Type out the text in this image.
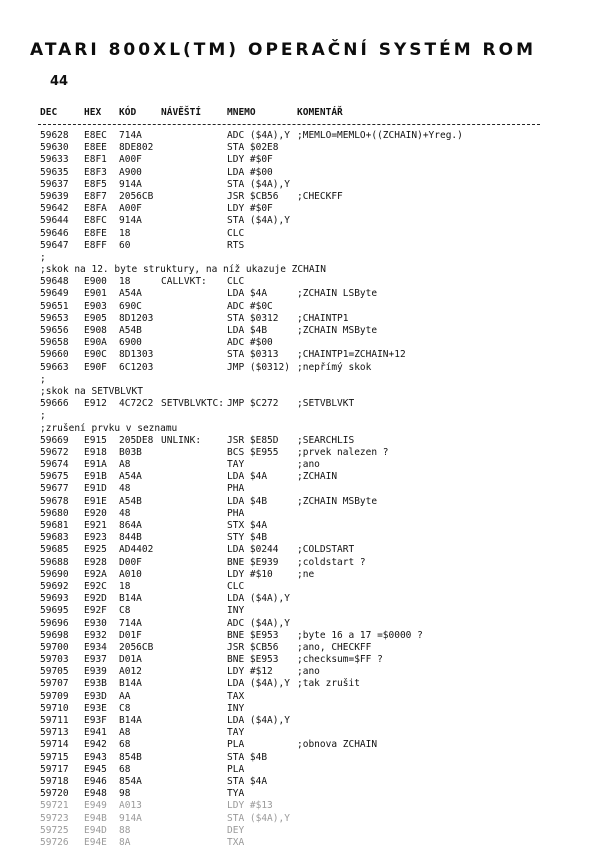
ATARI 800XL(TM) OPERAČNÍ SYSTÉM ROM
44
DEC	HEX KÓD	NÁVĚŠTÍ	MNEMO	KOMENTÁŘ
59628 E8EC 714A	ADC ($4A),Y ;MEMLO=MEMLO+((ZCHAIN)+Yreg.)
59630 E8EE 8DE802	STA $02E8
59633 E8F1 A00F	LDY #$0F
59635 E8F3 A900	LDA #$00
59637 E8F5 914A	STA ($4A),Y
59639 E8F7 2056CB	JSR $CB56 ;CHECKFF
59642 E8FA A00F	LDY #$0F
59644 E8FC 914A	STA ($4A),Y
59646 E8FE 18	CLC
59647 E8FF 60	RTS
;
;skok na 12. byte struktury, na níž ukazuje ZCHAIN
59648 E900 18	CALLVKT: CLC
59649 E901 A54A	LDA $4A	;ZCHAIN LSByte
59651 E903 690C	ADC #$0C
59653 E905 8D1203	STA $0312 ;CHAINTP1
59656 E908 A54B	LDA $4B	;ZCHAIN MSByte
59658 E90A 6900	ADC #$00
59660 E90C 8D1303	STA $0313 ;CHAINTP1=ZCHAIN+12
59663 E90F 6C1203	JMP ($0312) ;nepřímý skok
;
;skok na SETVBLVKT
59666 E912 4C72C2 SETVBLVKTC: JMP $C272 ;SETVBLVKT
;
;zrušení prvku v seznamu
59669 E915 205DE8 UNLINK:	JSR $E85D ;SEARCHLIS
59672 E918 B03B	BCS $E955 ;prvek nalezen ?
59674 E91A A8	TAY	;ano
59675 E91B A54A	LDA $4A	;ZCHAIN
59677 E91D 48	PHA
59678 E91E A54B	LDA $4B	;ZCHAIN MSByte
59680 E920 48	PHA
59681 E921 864A	STX $4A
59683 E923 844B	STY $4B
59685 E925 AD4402	LDA $0244 ;COLDSTART
59688 E928 D00F	BNE $E939 ;coldstart ?
59690 E92A A010	LDY #$10	;ne
59692 E92C 18	CLC
59693 E92D B14A	LDA ($4A),Y
59695 E92F C8	INY
59696 E930 714A	ADC ($4A),Y
59698 E932 D01F	BNE $E953 ;byte 16 a 17 =$0000 ?
59700 E934 2056CB	JSR $CB56 ;ano, CHECKFF
59703 E937 D01A	BNE $E953 ;checksum=$FF ?
59705 E939 A012	LDY #$12	;ano
59707 E93B B14A	LDA ($4A),Y ;tak zrušit
59709 E93D AA	TAX
59710 E93E C8	INY
59711 E93F B14A	LDA ($4A),Y
59713 E941 A8	TAY
59714 E942 68	PLA	;obnova ZCHAIN
59715 E943 854B	STA $4B
59717 E945 68	PLA
59718 E946 854A	STA $4A
59720 E948 98	TYA
59721 E949 A013	LDY #$13
59723 E94B 914A	STA ($4A),Y
59725 E94D 88	DEY
59726 E94E 8A	TXA
